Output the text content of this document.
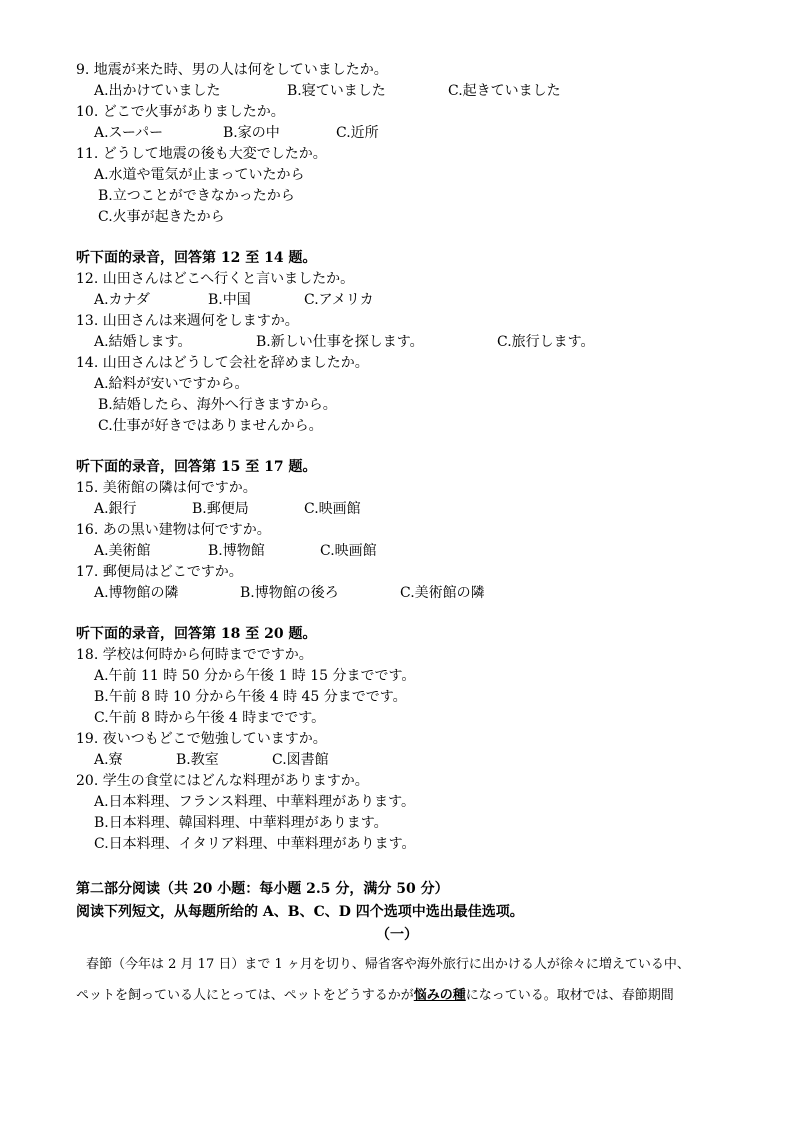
9. 地震が来た時、男の人は何をしていましたか。
A.出かけていました	B.寝ていました	C.起きていました
10. どこで火事がありましたか。
A.スーパー	B.家の中	C.近所
11. どうして地震の後も大変でしたか。
A.水道や電気が止まっていたから
B.立つことができなかったから
C.火事が起きたから
听下面的录音，回答第 12 至 14 题。
12. 山田さんはどこへ行くと言いましたか。
A.カナダ	B.中国	C.アメリカ
13. 山田さんは来週何をしますか。
A.結婚します。	B.新しい仕事を探します。	C.旅行します。
14. 山田さんはどうして会社を辞めましたか。
A.給料が安いですから。
B.結婚したら、海外へ行きますから。
C.仕事が好きではありませんから。
听下面的录音，回答第 15 至 17 题。
15. 美術館の隣は何ですか。
A.銀行	B.郵便局	C.映画館
16. あの黒い建物は何ですか。
A.美術館	B.博物館	C.映画館
17. 郵便局はどこですか。
A.博物館の隣	B.博物館の後ろ	C.美術館の隣
听下面的录音，回答第 18 至 20 题。
18. 学校は何時から何時までですか。
A.午前 11 時 50 分から午後 1 時 15 分までです。
B.午前 8 時 10 分から午後 4 時 45 分までです。
C.午前 8 時から午後 4 時までです。
19. 夜いつもどこで勉強していますか。
A.寮	B.教室	C.図書館
20. 学生の食堂にはどんな料理がありますか。
A.日本料理、フランス料理、中華料理があります。
B.日本料理、韓国料理、中華料理があります。
C.日本料理、イタリア料理、中華料理があります。
第二部分阅读（共 20 小题：每小题 2.5 分，满分 50 分）
阅读下列短文，从每题所给的 A、B、C、D 四个选项中选出最佳选项。
（一）
春節（今年は 2 月 17 日）まで 1 ヶ月を切り、帰省客や海外旅行に出かける人が徐々に増えている中、
ペットを飼っている人にとっては、ペットをどうするかが悩みの種になっている。取材では、春節期間
